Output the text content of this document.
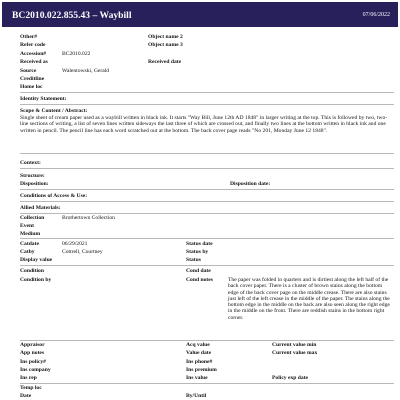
BC2010.022.855.43 – Waybill	07/06/2022
Other#	Object name 2
Refer code	Object name 3
Accession#	BC2010.022
Received as	Received date
Source	Walentowski, Gerald
Creditline
Home loc
Identity Statement:
Scope & Content / Abstract:
Single sheet of cream paper used as a waybill written in black ink. It starts "Way Bill, June 12th AD 1848" in larger writing at the top. This is followed by two, two-line sections of writing, a list of seven lines written sideways the last three of which are crossed out, and finally two lines at the bottom written in black ink and one written in pencil. The pencil line has each word scratched out at the bottom. The back cover page reads "No 201, Monday June 12 1848".
Context:
Structure:
Disposition:	Disposition date:
Conditions of Access & Use:
Allied Materials:
Collection	Brothertown Collection
Event
Medium
Catdate	06/29/2021	Status date
Catby	Cottrell, Courtney	Status by
Display value	Status
Condition	Cond date
Condition by	Cond notes	The paper was folded in quarters and is dirtiest along the left half of the back cover paper. There is a cluster of brown stains along the bottom edge of the back cover page on the middle crease. There are also stains just left of the left crease in the middle of the paper. The stains along the bottom edge in the middle on the back are also seen along the right edge in the middle on the front. There are reddish stains in the bottom right corner.
Appraisor	Acq value	Current value min
App notes	Value date	Current value max
Ins policy#	Ins phone#
Ins company	Ins premium
Ins rep	Ins value	Policy exp date
Temp loc
Date	By/Until
